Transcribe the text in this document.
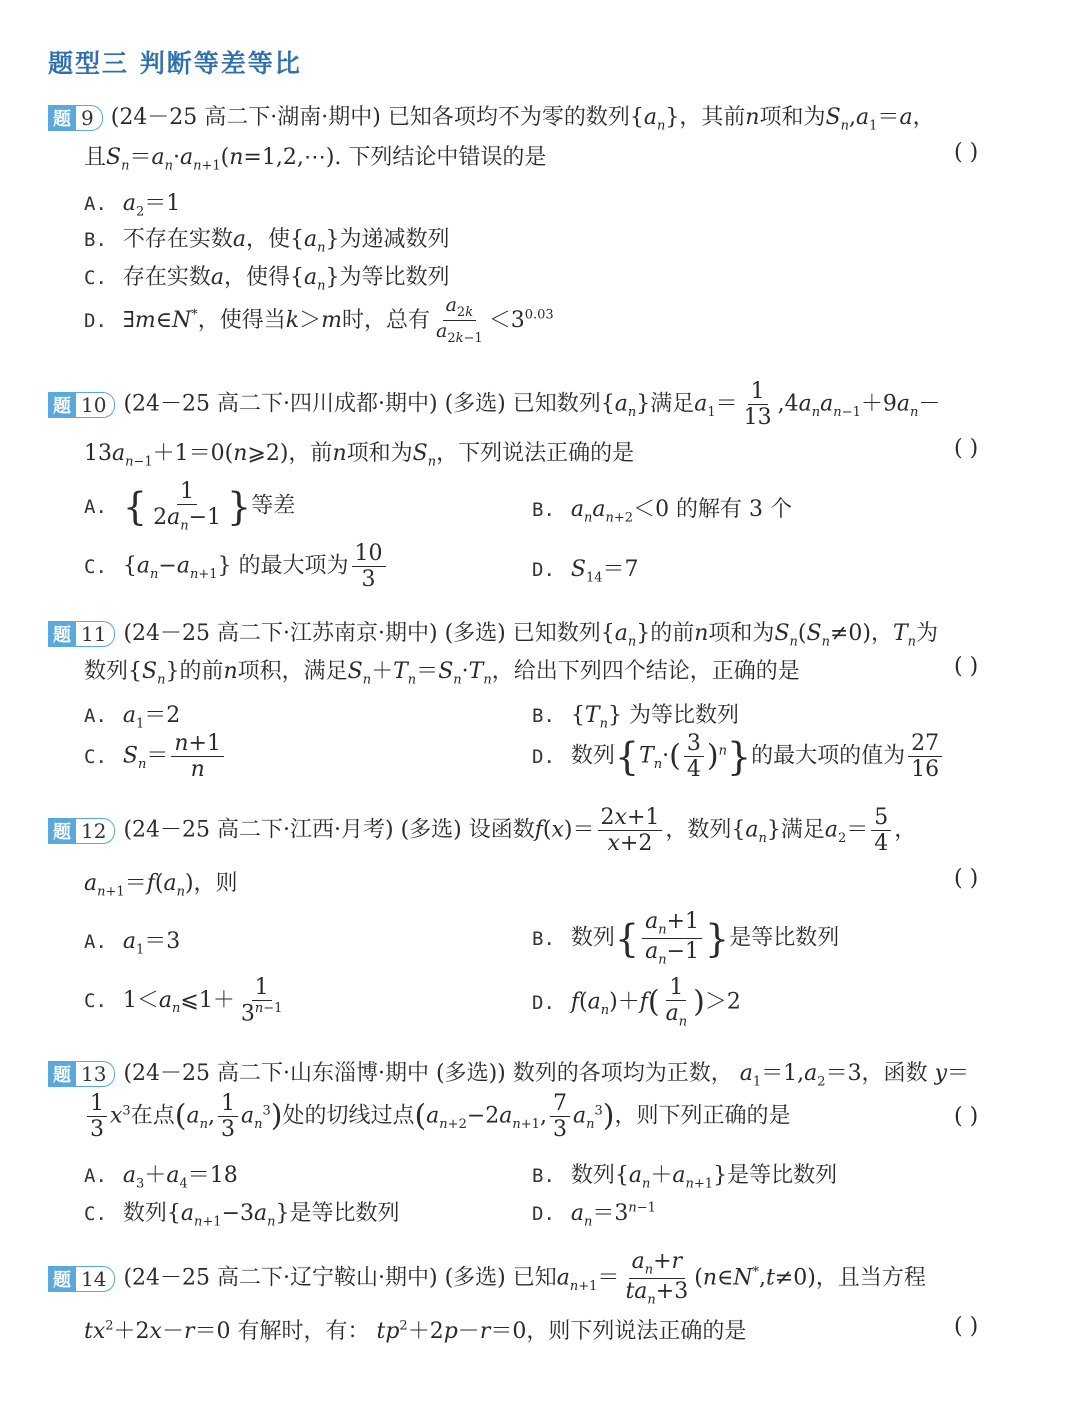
题型三 判断等差等比
题 9 (24－25 高二下·湖南·期中) 已知各项均不为零的数列$\{a_n\}$，其前n项和为$S_n,a_1=a$，
且$S_n=a_n\cdot a_{n+1}(n=1,2,\cdots)$. 下列结论中错误的是	( )
A. $a_2=1$
B. 不存在实数a，使$\{a_n\}$为递减数列
C. 存在实数a，使得$\{a_n\}$为等比数列
D. ∃m∈N*，使得当k＞m时，总有 $\frac{a_{2k}}{a_{2k-1}} <3^{0.03}$
题 10 (24－25 高二下·四川成都·期中) (多选) 已知数列$\{a_n\}$满足$a_1= \frac{1}{13} ,4a_na_{n-1}+9a_n-$
$13a_{n-1}+1=0(n⩾2)$，前n项和为$S_n$，下列说法正确的是	( )
A. { $\frac{1}{2a_n-1}$ }等差	B. $a_na_{n+2}<0$ 的解有 3 个
C. $\{a_n-a_{n+1}\}$ 的最大项为 $\frac{10}{3}$	D. $S_{14}=7$
题 11 (24－25 高二下·江苏南京·期中) (多选) 已知数列$\{a_n\}$的前n项和为$S_n(S_n\ne 0)$，$T_n$为
数列$\{S_n\}$的前n项积，满足$S_n+T_n=S_n\cdot T_n$，给出下列四个结论，正确的是	( )
A. $a_1=2$	B. $\{T_n\}$ 为等比数列
C. $S_n= \frac{n+1}{n}$	D. 数列$\{T_n\cdot( \frac{3}{4} )^n\}$的最大项的值为 $\frac{27}{16}$
题 12 (24－25 高二下·江西·月考) (多选) 设函数$f(x)= \frac{2x+1}{x+2}$ ，数列$\{a_n\}$满足$a_2= \frac{5}{4}$ ，
$a_{n+1}=f(a_n)$，则	( )
A. $a_1=3$	B. 数列{ $\frac{a_n+1}{a_n-1}$ }是等比数列
C. $1<a_n⩽1+ \frac{1}{3^{n-1}}$	D. $f(a_n)+f( \frac{1}{a_n} )>2$
题 13 (24－25 高二下·山东淄博·期中 (多选)) 数列的各项均为正数， $a_1=1,a_2=3$，函数 y＝
$\frac{1}{3} x^3$在点($a_n$, $\frac{1}{3} a_n^3$)处的切线过点($a_{n+2}-2a_{n+1}$, $\frac{7}{3} a_n^3$)，则下列正确的是	( )
A. $a_3+a_4=18$	B. 数列$\{a_n+a_{n+1}\}$是等比数列
C. 数列$\{a_{n+1}-3a_n\}$是等比数列	D. $a_n=3^{n-1}$
题 14 (24－25 高二下·辽宁鞍山·期中) (多选) 已知$a_{n+1}= \frac{a_n+r}{ta_n+3}$ (n∈N*,t≠0)，且当方程
$tx^2+2x-r=0$ 有解时，有： $tp^2+2p-r=0$，则下列说法正确的是	( )
